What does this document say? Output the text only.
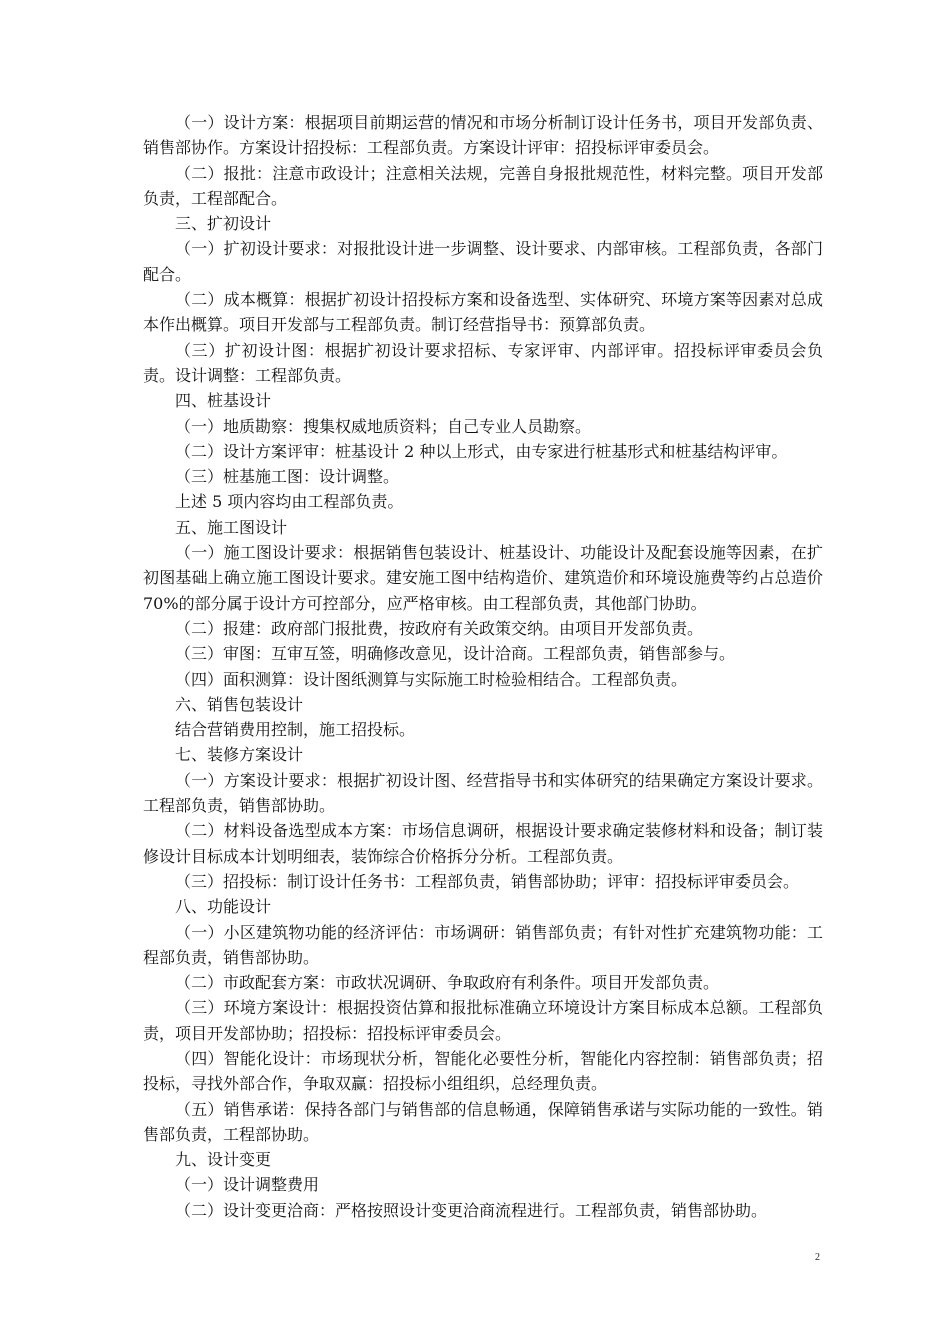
（一）设计方案：根据项目前期运营的情况和市场分析制订设计任务书，项目开发部负责、销售部协作。方案设计招投标：工程部负责。方案设计评审：招投标评审委员会。

（二）报批：注意市政设计；注意相关法规，完善自身报批规范性，材料完整。项目开发部负责，工程部配合。

三、扩初设计

（一）扩初设计要求：对报批设计进一步调整、设计要求、内部审核。工程部负责，各部门配合。

（二）成本概算：根据扩初设计招投标方案和设备选型、实体研究、环境方案等因素对总成本作出概算。项目开发部与工程部负责。制订经营指导书：预算部负责。

（三）扩初设计图：根据扩初设计要求招标、专家评审、内部评审。招投标评审委员会负责。设计调整：工程部负责。

四、桩基设计

（一）地质勘察：搜集权威地质资料；自己专业人员勘察。

（二）设计方案评审：桩基设计 2 种以上形式，由专家进行桩基形式和桩基结构评审。

（三）桩基施工图：设计调整。

上述 5 项内容均由工程部负责。

五、施工图设计

（一）施工图设计要求：根据销售包装设计、桩基设计、功能设计及配套设施等因素，在扩初图基础上确立施工图设计要求。建安施工图中结构造价、建筑造价和环境设施费等约占总造价 70%的部分属于设计方可控部分，应严格审核。由工程部负责，其他部门协助。

（二）报建：政府部门报批费，按政府有关政策交纳。由项目开发部负责。

（三）审图：互审互签，明确修改意见，设计洽商。工程部负责，销售部参与。

（四）面积测算：设计图纸测算与实际施工时检验相结合。工程部负责。

六、销售包装设计

结合营销费用控制，施工招投标。

七、装修方案设计

（一）方案设计要求：根据扩初设计图、经营指导书和实体研究的结果确定方案设计要求。工程部负责，销售部协助。

（二）材料设备选型成本方案：市场信息调研，根据设计要求确定装修材料和设备；制订装修设计目标成本计划明细表，装饰综合价格拆分分析。工程部负责。

（三）招投标：制订设计任务书：工程部负责，销售部协助；评审：招投标评审委员会。

八、功能设计

（一）小区建筑物功能的经济评估：市场调研：销售部负责；有针对性扩充建筑物功能：工程部负责，销售部协助。

（二）市政配套方案：市政状况调研、争取政府有利条件。项目开发部负责。

（三）环境方案设计：根据投资估算和报批标准确立环境设计方案目标成本总额。工程部负责，项目开发部协助；招投标：招投标评审委员会。

（四）智能化设计：市场现状分析，智能化必要性分析，智能化内容控制：销售部负责；招投标，寻找外部合作，争取双赢：招投标小组组织，总经理负责。

（五）销售承诺：保持各部门与销售部的信息畅通，保障销售承诺与实际功能的一致性。销售部负责，工程部协助。

九、设计变更

（一）设计调整费用

（二）设计变更洽商：严格按照设计变更洽商流程进行。工程部负责，销售部协助。

2
